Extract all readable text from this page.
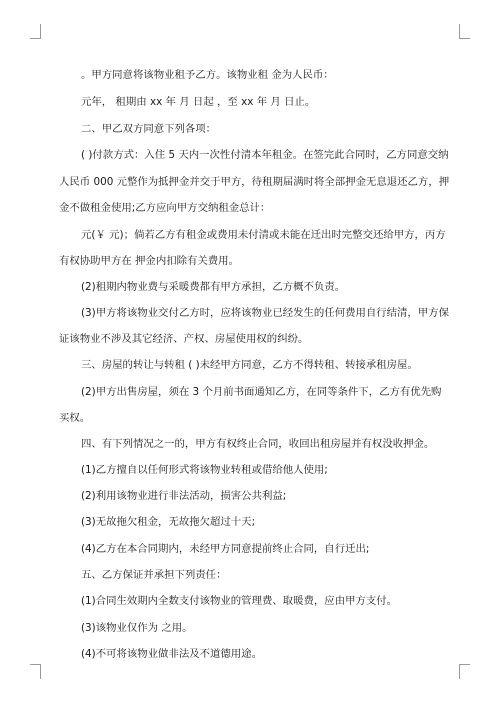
。甲方同意将该物业租予乙方。该物业租 金为人民币：
元年， 租期由 xx 年 月 日起 ，至 xx 年 月 日止。
二、甲乙双方同意下列各项：
( )付款方式：入住 5 天内一次性付清本年租金。在签完此合同时，乙方同意交纳
人民币 000 元整作为抵押金并交于甲方，待租期届满时将全部押金无息退还乙方，押
金不做租金使用;乙方应向甲方交纳租金总计：
元(￥ 元)；倘若乙方有租金或费用未付清或未能在迁出时完整交还给甲方，丙方
有权协助甲方在 押金内扣除有关费用。
(2)租期内物业费与采暖费都有甲方承担，乙方概不负责。
(3)甲方将该物业交付乙方时，应将该物业已经发生的任何费用自行结清，甲方保
证该物业不涉及其它经济、产权、房屋使用权的纠纷。
三、房屋的转让与转租 ( )未经甲方同意，乙方不得转租、转接承租房屋。
(2)甲方出售房屋，须在 3 个月前书面通知乙方，在同等条件下，乙方有优先购
买权。
四、有下列情况之一的，甲方有权终止合同，收回出租房屋并有权没收押金。
(1)乙方擅自以任何形式将该物业转租或借给他人使用;
(2)利用该物业进行非法活动，损害公共利益;
(3)无故拖欠租金，无故拖欠超过十天;
(4)乙方在本合同期内，未经甲方同意提前终止合同，自行迁出;
五、乙方保证并承担下列责任：
(1)合同生效期内全数支付该物业的管理费、取暖费，应由甲方支付。
(3)该物业仅作为 之用。
(4)不可将该物业做非法及不道德用途。
